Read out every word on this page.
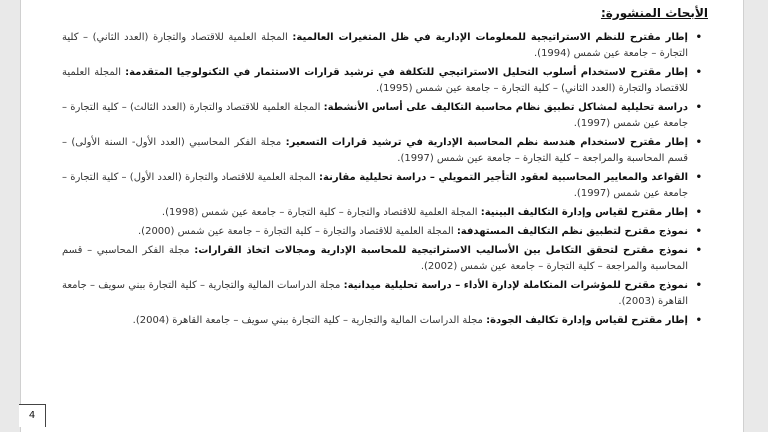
الأبحاث المنشورة:
•
إطار مقترح للنظم الاستراتيجية للمعلومات الإدارية في ظل المتغيرات العالمية: المجلة العلمية للاقتصاد والتجارة (العدد الثاني) – كلية التجارة – جامعة عين شمس (1994).
•
إطار مقترح لاستخدام أسلوب التحليل الاستراتيجي للتكلفة في ترشيد قرارات الاستثمار في التكنولوجيا المتقدمة: المجلة العلمية للاقتصاد والتجارة (العدد الثاني) – كلية التجارة – جامعة عين شمس (1995).
•
دراسة تحليلية لمشاكل تطبيق نظام محاسبة التكاليف على أساس الأنشطة: المجلة العلمية للاقتصاد والتجارة (العدد الثالث) – كلية التجارة – جامعة عين شمس (1997).
•
إطار مقترح لاستخدام هندسة نظم المحاسبة الإدارية في ترشيد قرارات التسعير: مجلة الفكر المحاسبي (العدد الأول- السنة الأولى) – قسم المحاسبة والمراجعة – كلية التجارة – جامعة عين شمس (1997).
•
القواعد والمعايير المحاسبية لعقود التأجير التمويلي – دراسة تحليلية مقارنة: المجلة العلمية للاقتصاد والتجارة (العدد الأول) – كلية التجارة – جامعة عين شمس (1997).
•
إطار مقترح لقياس وإدارة التكاليف البينية: المجلة العلمية للاقتصاد والتجارة – كلية التجارة – جامعة عين شمس (1998).
•
نموذج مقترح لتطبيق نظم التكاليف المستهدفة: المجلة العلمية للاقتصاد والتجارة – كلية التجارة – جامعة عين شمس (2000).
•
نموذج مقترح لتحقق التكامل بين الأساليب الاستراتيجية للمحاسبة الإدارية ومجالات اتخاذ القرارات: مجلة الفكر المحاسبي – قسم المحاسبة والمراجعة – كلية التجارة – جامعة عين شمس (2002).
•
نموذج مقترح للمؤشرات المتكاملة لإدارة الأداء – دراسة تحليلية ميدانية: مجلة الدراسات المالية والتجارية – كلية التجارة ببني سويف – جامعة القاهرة (2003).
•
إطار مقترح لقياس وإدارة تكاليف الجودة: مجلة الدراسات المالية والتجارية – كلية التجارة ببني سويف – جامعة القاهرة (2004).
4
